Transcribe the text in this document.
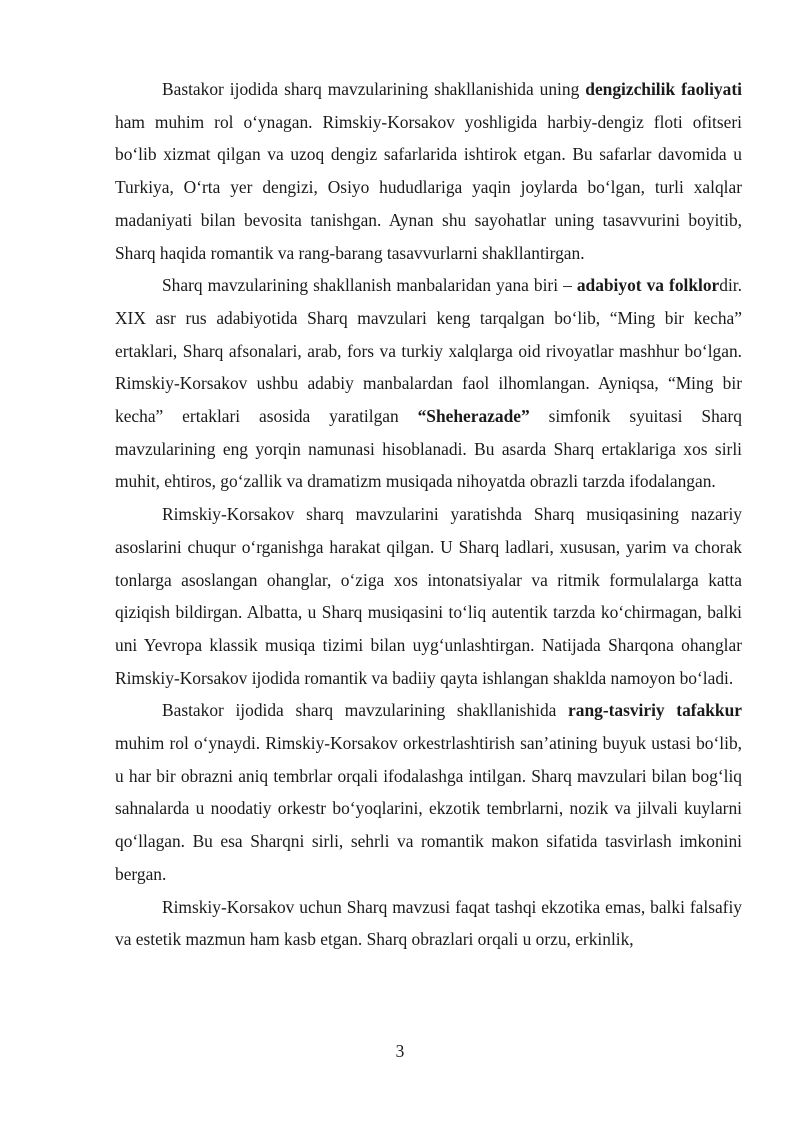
Bastakor ijodida sharq mavzularining shakllanishida uning dengizchilik faoliyati ham muhim rol o‘ynagan. Rimskiy-Korsakov yoshligida harbiy-dengiz floti ofitseri bo‘lib xizmat qilgan va uzoq dengiz safarlarida ishtirok etgan. Bu safarlar davomida u Turkiya, O‘rta yer dengizi, Osiyo hududlariga yaqin joylarda bo‘lgan, turli xalqlar madaniyati bilan bevosita tanishgan. Aynan shu sayohatlar uning tasavvurini boyitib, Sharq haqida romantik va rang-barang tasavvurlarni shakllantirgan.

Sharq mavzularining shakllanish manbalaridan yana biri – adabiyot va folklordir. XIX asr rus adabiyotida Sharq mavzulari keng tarqalgan bo‘lib, “Ming bir kecha” ertaklari, Sharq afsonalari, arab, fors va turkiy xalqlarga oid rivoyatlar mashhur bo‘lgan. Rimskiy-Korsakov ushbu adabiy manbalardan faol ilhomlangan. Ayniqsa, “Ming bir kecha” ertaklari asosida yaratilgan “Sheherazade” simfonik syuitasi Sharq mavzularining eng yorqin namunasi hisoblanadi. Bu asarda Sharq ertaklariga xos sirli muhit, ehtiros, go‘zallik va dramatizm musiqada nihoyatda obrazli tarzda ifodalangan.

Rimskiy-Korsakov sharq mavzularini yaratishda Sharq musiqasining nazariy asoslarini chuqur o‘rganishga harakat qilgan. U Sharq ladlari, xususan, yarim va chorak tonlarga asoslangan ohanglar, o‘ziga xos intonatsiyalar va ritmik formulalarga katta qiziqish bildirgan. Albatta, u Sharq musiqasini to‘liq autentik tarzda ko‘chirmagan, balki uni Yevropa klassik musiqa tizimi bilan uyg‘unlashtirgan. Natijada Sharqona ohanglar Rimskiy-Korsakov ijodida romantik va badiiy qayta ishlangan shaklda namoyon bo‘ladi.

Bastakor ijodida sharq mavzularining shakllanishida rang-tasviriy tafakkur muhim rol o‘ynaydi. Rimskiy-Korsakov orkestrlashtirish san’atining buyuk ustasi bo‘lib, u har bir obrazni aniq tembrlar orqali ifodalashga intilgan. Sharq mavzulari bilan bog‘liq sahnalarda u noodatiy orkestr bo‘yoqlarini, ekzotik tembrlarni, nozik va jilvali kuylarni qo‘llagan. Bu esa Sharqni sirli, sehrli va romantik makon sifatida tasvirlash imkonini bergan.

Rimskiy-Korsakov uchun Sharq mavzusi faqat tashqi ekzotika emas, balki falsafiy va estetik mazmun ham kasb etgan. Sharq obrazlari orqali u orzu, erkinlik,

3
